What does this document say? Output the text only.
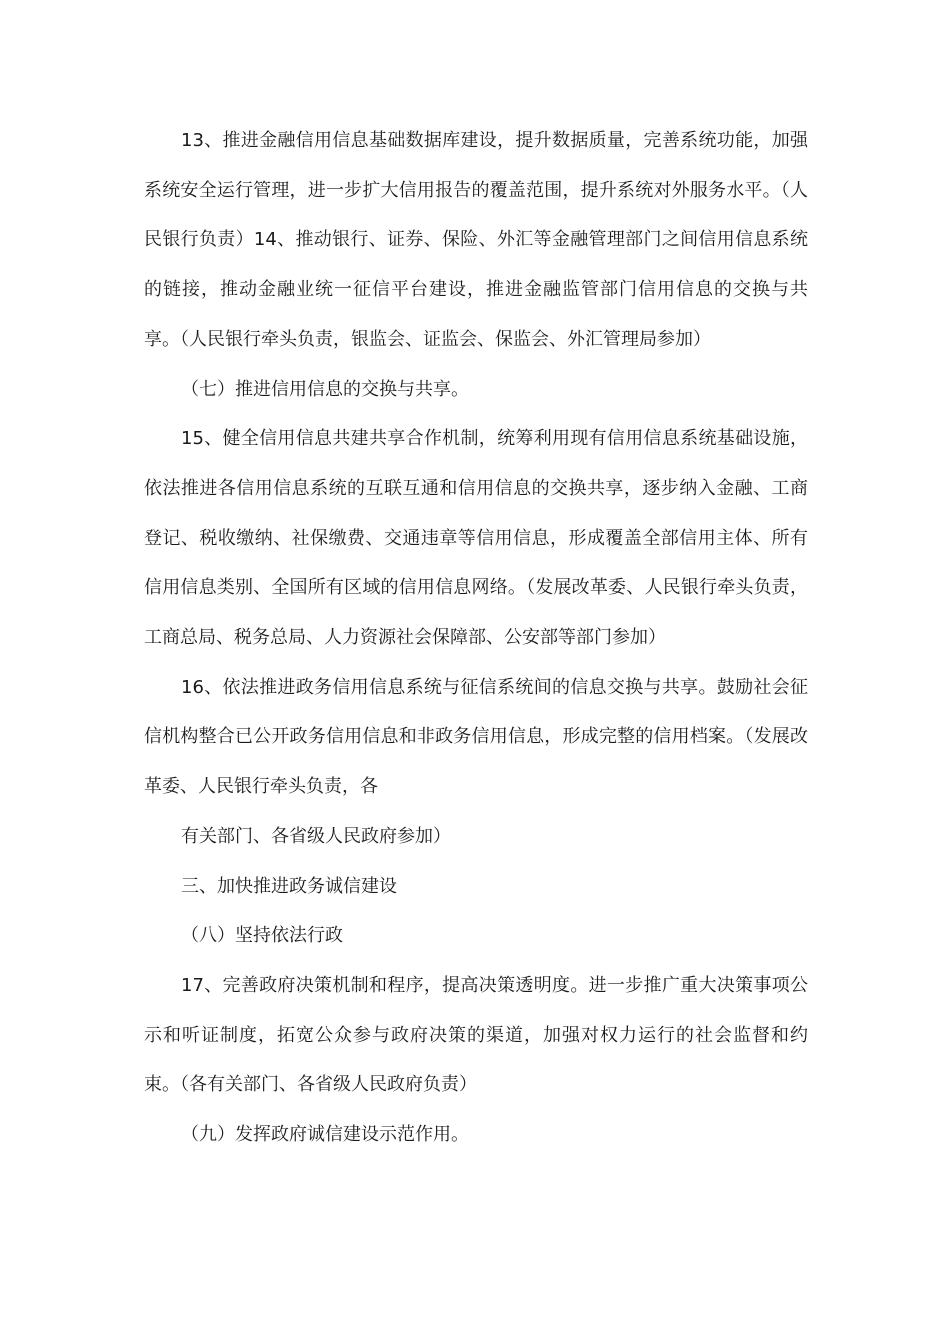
13、推进金融信用信息基础数据库建设，提升数据质量，完善系统功能，加强系统安全运行管理，进一步扩大信用报告的覆盖范围，提升系统对外服务水平。（人民银行负责）14、推动银行、证券、保险、外汇等金融管理部门之间信用信息系统的链接，推动金融业统一征信平台建设，推进金融监管部门信用信息的交换与共享。（人民银行牵头负责，银监会、证监会、保监会、外汇管理局参加）

（七）推进信用信息的交换与共享。

15、健全信用信息共建共享合作机制，统筹利用现有信用信息系统基础设施，依法推进各信用信息系统的互联互通和信用信息的交换共享，逐步纳入金融、工商登记、税收缴纳、社保缴费、交通违章等信用信息，形成覆盖全部信用主体、所有信用信息类别、全国所有区域的信用信息网络。（发展改革委、人民银行牵头负责，工商总局、税务总局、人力资源社会保障部、公安部等部门参加）

16、依法推进政务信用信息系统与征信系统间的信息交换与共享。鼓励社会征信机构整合已公开政务信用信息和非政务信用信息，形成完整的信用档案。（发展改革委、人民银行牵头负责，各

有关部门、各省级人民政府参加）

三、加快推进政务诚信建设

（八）坚持依法行政

17、完善政府决策机制和程序，提高决策透明度。进一步推广重大决策事项公示和听证制度，拓宽公众参与政府决策的渠道，加强对权力运行的社会监督和约束。（各有关部门、各省级人民政府负责）

（九）发挥政府诚信建设示范作用。
